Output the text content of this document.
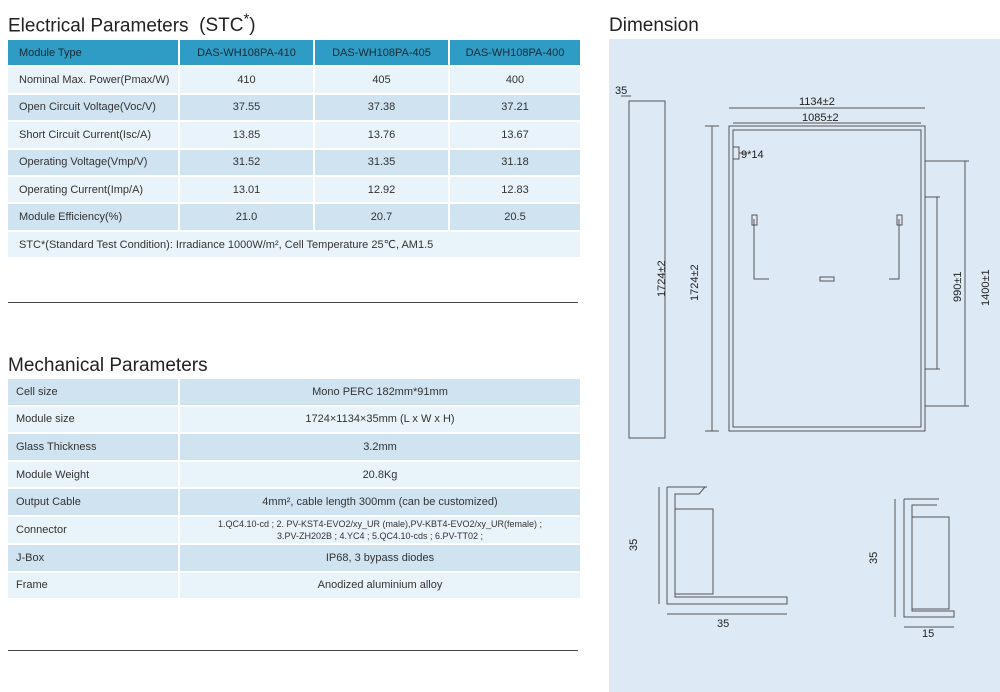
Electrical Parameters (STC*)
Module Type	DAS-WH108PA-410	DAS-WH108PA-405	DAS-WH108PA-400
Nominal Max. Power(Pmax/W)	410	405	400
Open Circuit Voltage(Voc/V)	37.55	37.38	37.21
Short Circuit Current(Isc/A)	13.85	13.76	13.67
Operating Voltage(Vmp/V)	31.52	31.35	31.18
Operating Current(Imp/A)	13.01	12.92	12.83
Module Efficiency(%)	21.0	20.7	20.5
STC*(Standard Test Condition): Irradiance 1000W/m², Cell Temperature 25℃, AM1.5
Mechanical Parameters
Cell size	Mono PERC 182mm*91mm
Module size	1724×1134×35mm (L x W x H)
Glass Thickness	3.2mm
Module Weight	20.8Kg
Output Cable	4mm², cable length 300mm (can be customized)
Connector	1.QC4.10-cd ; 2. PV-KST4-EVO2/xy_UR (male),PV-KBT4-EVO2/xy_UR(female) ;
3.PV-ZH202B ; 4.YC4 ; 5.QC4.10-cds ; 6.PV-TT02 ;
J-Box	IP68, 3 bypass diodes
Frame	Anodized aluminium alloy
Dimension
35
1134±2
1085±2
9*14
1724±2 1724±2	990±1 1400±1
35
35
35
15
